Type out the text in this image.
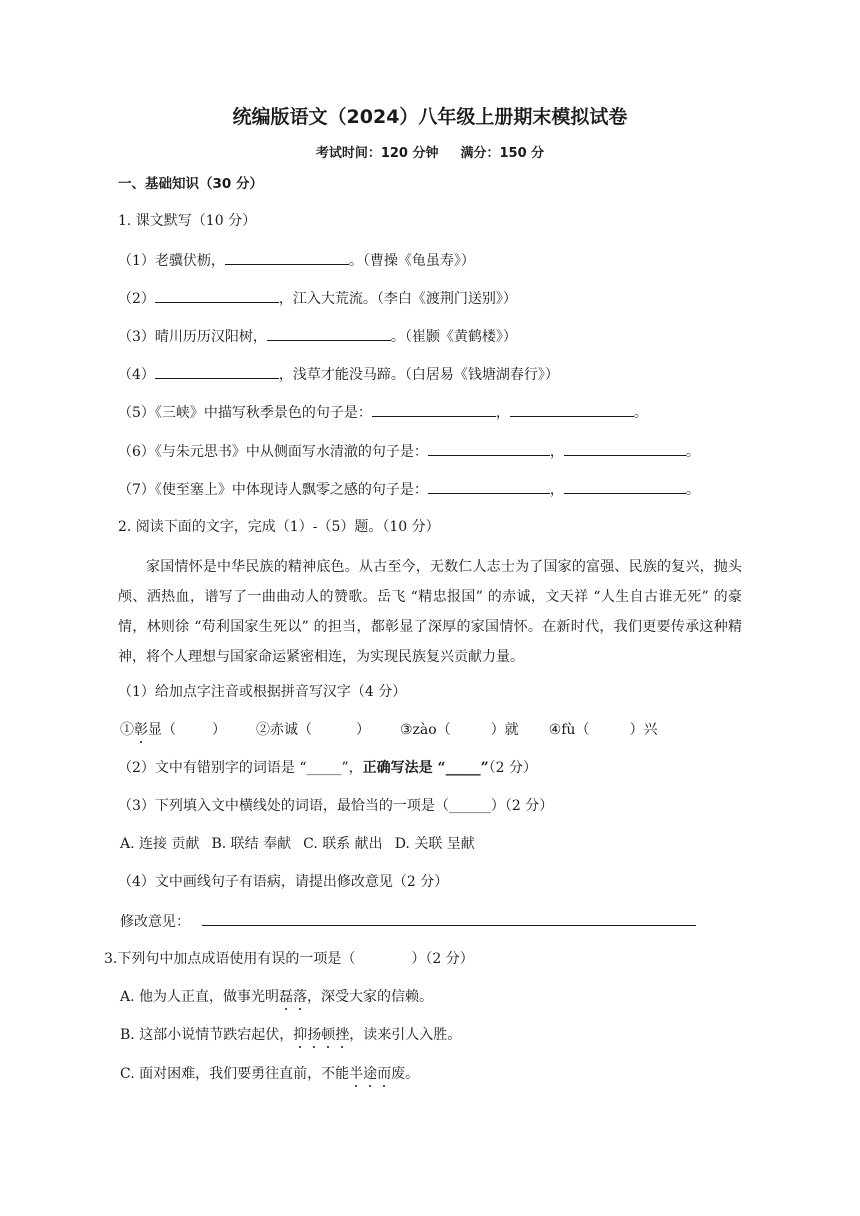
统编版语文（2024）八年级上册期末模拟试卷
考试时间：120 分钟 满分：150 分
一、基础知识（30 分）
1. 课文默写（10 分）
（1）老骥伏枥，	。（曹操《龟虽寿》）
（2）	，江入大荒流。（李白《渡荆门送别》）
（3）晴川历历汉阳树，	。（崔颢《黄鹤楼》）
（4）	，浅草才能没马蹄。（白居易《钱塘湖春行》）
（5）《三峡》中描写秋季景色的句子是：	，	。
（6）《与朱元思书》中从侧面写水清澈的句子是：	，	。
（7）《使至塞上》中体现诗人飘零之感的句子是：	，	。
2. 阅读下面的文字，完成（1）-（5）题。（10 分）
家国情怀是中华民族的精神底色。从古至今，无数仁人志士为了国家的富强、民族的复兴，抛头颅、洒热血，谱写了一曲曲动人的赞歌。岳飞 “精忠报国” 的赤诚，文天祥 “人生自古谁无死” 的豪情，林则徐 “苟利国家生死以” 的担当，都彰显了深厚的家国情怀。在新时代，我们更要传承这种精神，将个人理想与国家命运紧密相连，为实现民族复兴贡献力量。
（1）给加点字注音或根据拼音写汉字（4 分）
①彰显（	） ②赤诚（	） ③zào（	）就 ④fù（	）兴
（2）文中有错别字的词语是 “_____”，正确写法是 “_____”（2 分）
（3）下列填入文中横线处的词语，最恰当的一项是（______）（2 分）
A. 连接 贡献 B. 联结 奉献 C. 联系 献出 D. 关联 呈献
（4）文中画线句子有语病，请提出修改意见（2 分）
修改意见：
3.下列句中加点成语使用有误的一项是（	）（2 分）
A. 他为人正直，做事光明磊落，深受大家的信赖。
B. 这部小说情节跌宕起伏，抑扬顿挫，读来引人入胜。
C. 面对困难，我们要勇往直前，不能半途而废。
